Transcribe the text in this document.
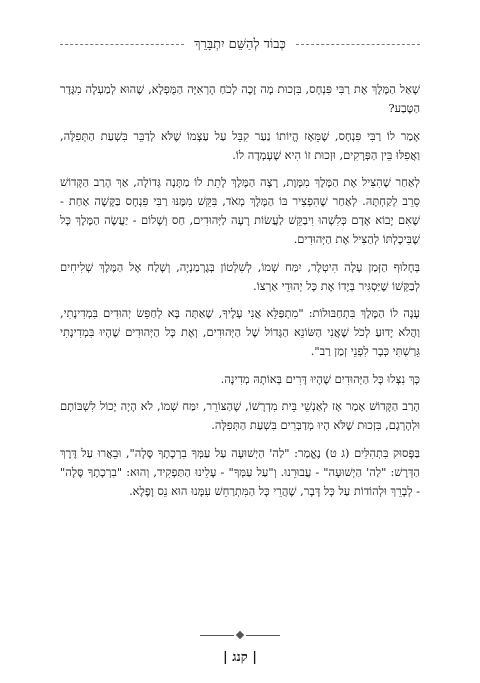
כְּבוֹד לְהַשֵּׁם יִתְבָּרֵךְ

שָׁאַל הַמֶּלֶךְ אֶת רַבִּי פִּנְחָס, בִּזְכוּת מָה זָכָה לְכֹחַ הָרְאִיָּה הַמֻּפְלָא, שֶׁהוּא לְמַעְלָה מִגֶּדֶר הַטֶּבַע?

אָמַר לוֹ רַבִּי פִּנְחָס, שֶׁמֵּאָז הֱיוֹתוֹ נַעַר קִבֵּל עַל עַצְמוֹ שֶׁלֹּא לְדַבֵּר בִּשְׁעַת הַתְּפִלָּה, וַאֲפִלּוּ בֵּין הַפְּרָקִים, וּזְכוּת זוֹ הִיא שֶׁעָמְדָה לוֹ.

לְאַחַר שֶׁהִצִּיל אֶת הַמֶּלֶךְ מִמָּוֶת, רָצָה הַמֶּלֶךְ לָתֵת לוֹ מַתָּנָה גְּדוֹלָה, אַךְ הָרַב הַקָּדוֹשׁ סֵרֵב לְקַחְתָּהּ. לְאַחַר שֶׁהִפְצִיר בּוֹ הַמֶּלֶךְ מְאֹד, בִּקֵּשׁ מִמֶּנּוּ רַבִּי פִּנְחָס בַּקָּשָׁה אַחַת - שֶׁאִם יָבוֹא אָדָם כְּלִשְׁהוּ וִיבַקֵּשׁ לַעֲשׂוֹת רָעָה לַיְּהוּדִים, חַס וְשָׁלוֹם - יַעֲשֶׂה הַמֶּלֶךְ כָּל שֶׁבִּיכָלְתּוֹ לְהַצִּיל אֶת הַיְּהוּדִים.

בְּחָלוּף הַזְּמַן עָלָה הִיטְלֶר, יִמַּח שְׁמוֹ, לְשִׁלְטוֹן בְּגֶרְמַנְיָה, וְשָׁלַח אֶל הַמֶּלֶךְ שְׁלִיחִים לְבַקְּשׁוֹ שֶׁיַּסְגִּיר בְּיָדוֹ אֶת כָּל יְהוּדֵי אַרְצוֹ.

עָנָה לוֹ הַמֶּלֶךְ בִּתְחַבּוּלוֹת: "מִתְפַּלֵּא אֲנִי עָלֶיךָ, שֶׁאַתָּה בָּא לְחַפֵּשׂ יְהוּדִים בִּמְדִינָתִי, וַהֲלֹא יָדוּעַ לְכֹל שֶׁאֲנִי הַשּׂוֹנֵא הַגָּדוֹל שֶׁל הַיְּהוּדִים, וְאֶת כָּל הַיְּהוּדִים שֶׁהָיוּ בִּמְדִינָתִי גֵּרַשְׁתִּי כְּבָר לִפְנֵי זְמַן רַב".

כָּךְ נִצְּלוּ כָּל הַיְּהוּדִים שֶׁהָיוּ דָּרִים בְּאוֹתָהּ מְדִינָה.

הָרַב הַקָּדוֹשׁ אָמַר אָז לְאַנְשֵׁי בֵּית מִדְרָשׁוֹ, שֶׁהַצּוֹרֵר, יִמַּח שְׁמוֹ, לֹא הָיָה יָכוֹל לִשְׁבּוֹתָם וּלְהָרְגָם, בִּזְכוּת שֶׁלֹּא הָיוּ מְדַבְּרִים בִּשְׁעַת הַתְּפִלָּה.

בַּפָּסוּק בִּתְהִלִּים (ג ט) נֶאֱמַר: "לַה' הַיְשׁוּעָה עַל עַמְּךָ בִרְכָתֶךָ סֶּלָה", וּבֵאֲרוּ עַל דֶּרֶךְ הַדְּרָשׁ: "לַה' הַיְשׁוּעָה" - עֲבוּרֵנוּ. וְ"עַל עַמְּךָ" - עָלֵינוּ הַתַּפְקִיד, וְהוּא: "בִרְכָתֶךָ סֶּלָה" - לְבָרֵךְ וּלְהוֹדוֹת עַל כָּל דָּבָר, שֶׁהֲרֵי כָּל הַמִּתְרַחֵשׁ עִמָּנוּ הוּא נֵס וָפֶלֶא.

| קנג |
